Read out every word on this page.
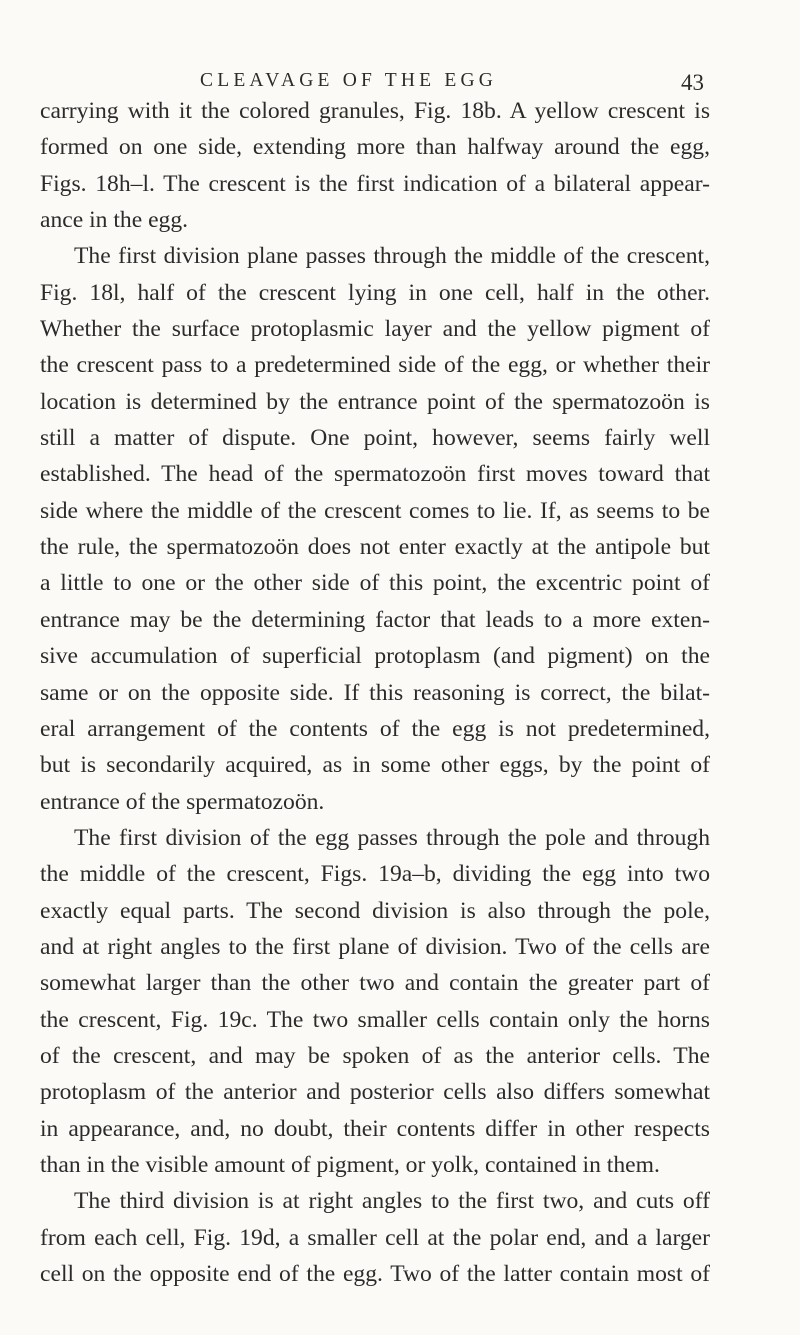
CLEAVAGE OF THE EGG	43
carrying with it the colored granules, Fig. 18b. A yellow crescent is
formed on one side, extending more than halfway around the egg,
Figs. 18h–l. The crescent is the first indication of a bilateral appear-
ance in the egg.
The first division plane passes through the middle of the crescent,
Fig. 18l, half of the crescent lying in one cell, half in the other.
Whether the surface protoplasmic layer and the yellow pigment of
the crescent pass to a predetermined side of the egg, or whether their
location is determined by the entrance point of the spermatozoön is
still a matter of dispute. One point, however, seems fairly well
established. The head of the spermatozoön first moves toward that
side where the middle of the crescent comes to lie. If, as seems to be
the rule, the spermatozoön does not enter exactly at the antipole but
a little to one or the other side of this point, the excentric point of
entrance may be the determining factor that leads to a more exten-
sive accumulation of superficial protoplasm (and pigment) on the
same or on the opposite side. If this reasoning is correct, the bilat-
eral arrangement of the contents of the egg is not predetermined,
but is secondarily acquired, as in some other eggs, by the point of
entrance of the spermatozoön.
The first division of the egg passes through the pole and through
the middle of the crescent, Figs. 19a–b, dividing the egg into two
exactly equal parts. The second division is also through the pole,
and at right angles to the first plane of division. Two of the cells are
somewhat larger than the other two and contain the greater part of
the crescent, Fig. 19c. The two smaller cells contain only the horns
of the crescent, and may be spoken of as the anterior cells. The
protoplasm of the anterior and posterior cells also differs somewhat
in appearance, and, no doubt, their contents differ in other respects
than in the visible amount of pigment, or yolk, contained in them.
The third division is at right angles to the first two, and cuts off
from each cell, Fig. 19d, a smaller cell at the polar end, and a larger
cell on the opposite end of the egg. Two of the latter contain most of
